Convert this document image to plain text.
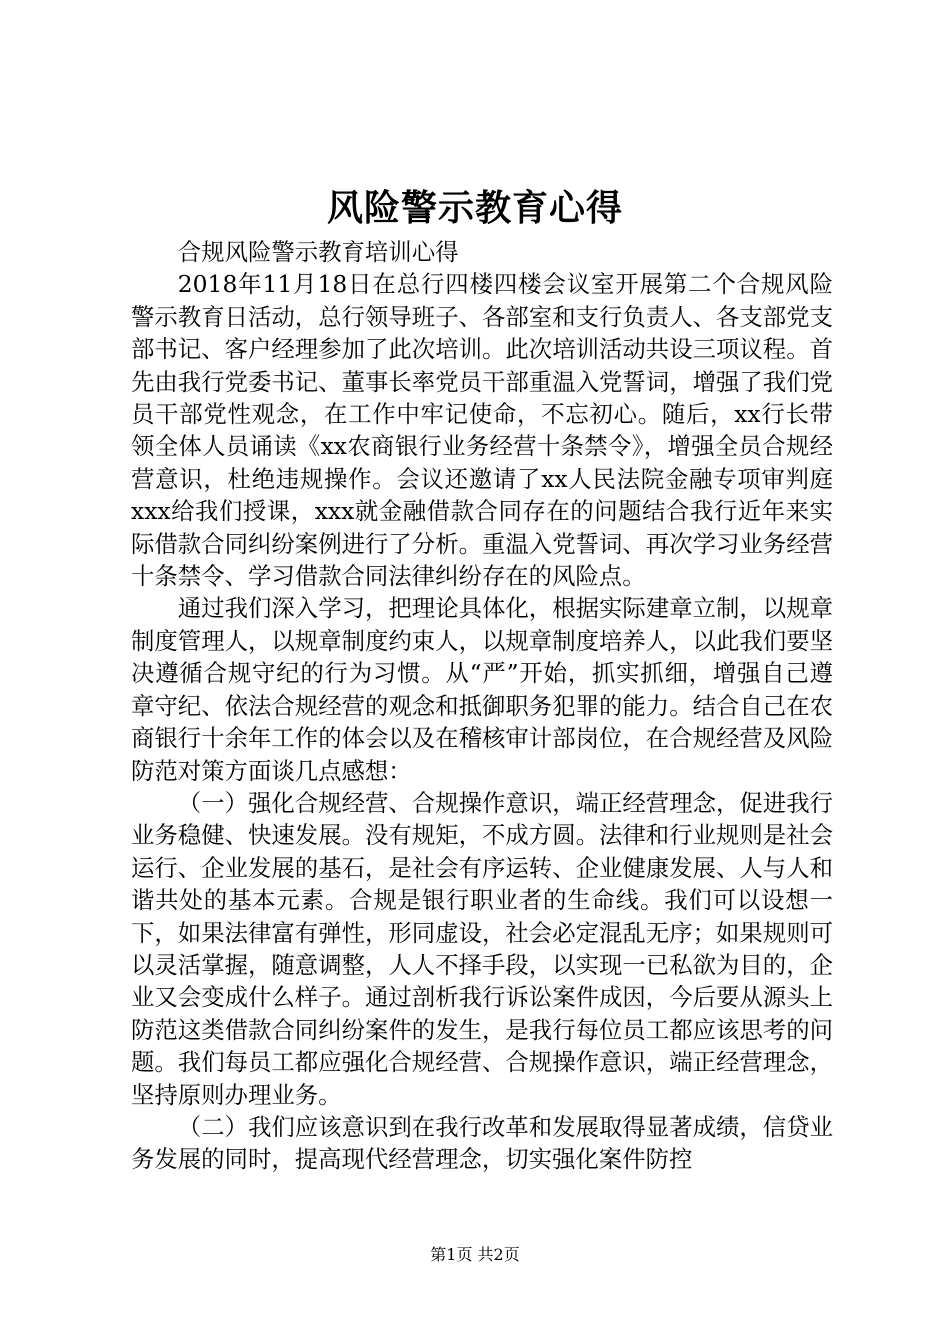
风险警示教育心得

合规风险警示教育培训心得

2018年11月18日在总行四楼四楼会议室开展第二个合规风险警示教育日活动，总行领导班子、各部室和支行负责人、各支部党支部书记、客户经理参加了此次培训。此次培训活动共设三项议程。首先由我行党委书记、董事长率党员干部重温入党誓词，增强了我们党员干部党性观念，在工作中牢记使命，不忘初心。随后，xx行长带领全体人员诵读《xx农商银行业务经营十条禁令》，增强全员合规经营意识，杜绝违规操作。会议还邀请了xx人民法院金融专项审判庭xxx给我们授课，xxx就金融借款合同存在的问题结合我行近年来实际借款合同纠纷案例进行了分析。重温入党誓词、再次学习业务经营十条禁令、学习借款合同法律纠纷存在的风险点。

通过我们深入学习，把理论具体化，根据实际建章立制，以规章制度管理人，以规章制度约束人，以规章制度培养人，以此我们要坚决遵循合规守纪的行为习惯。从“严”开始，抓实抓细，增强自己遵章守纪、依法合规经营的观念和抵御职务犯罪的能力。结合自己在农商银行十余年工作的体会以及在稽核审计部岗位，在合规经营及风险防范对策方面谈几点感想：

（一）强化合规经营、合规操作意识，端正经营理念，促进我行业务稳健、快速发展。没有规矩，不成方圆。法律和行业规则是社会运行、企业发展的基石，是社会有序运转、企业健康发展、人与人和谐共处的基本元素。合规是银行职业者的生命线。我们可以设想一下，如果法律富有弹性，形同虚设，社会必定混乱无序；如果规则可以灵活掌握，随意调整，人人不择手段，以实现一已私欲为目的，企业又会变成什么样子。通过剖析我行诉讼案件成因，今后要从源头上防范这类借款合同纠纷案件的发生，是我行每位员工都应该思考的问题。我们每员工都应强化合规经营、合规操作意识，端正经营理念，坚持原则办理业务。

（二）我们应该意识到在我行改革和发展取得显著成绩，信贷业务发展的同时，提高现代经营理念，切实强化案件防控

第1页 共2页
